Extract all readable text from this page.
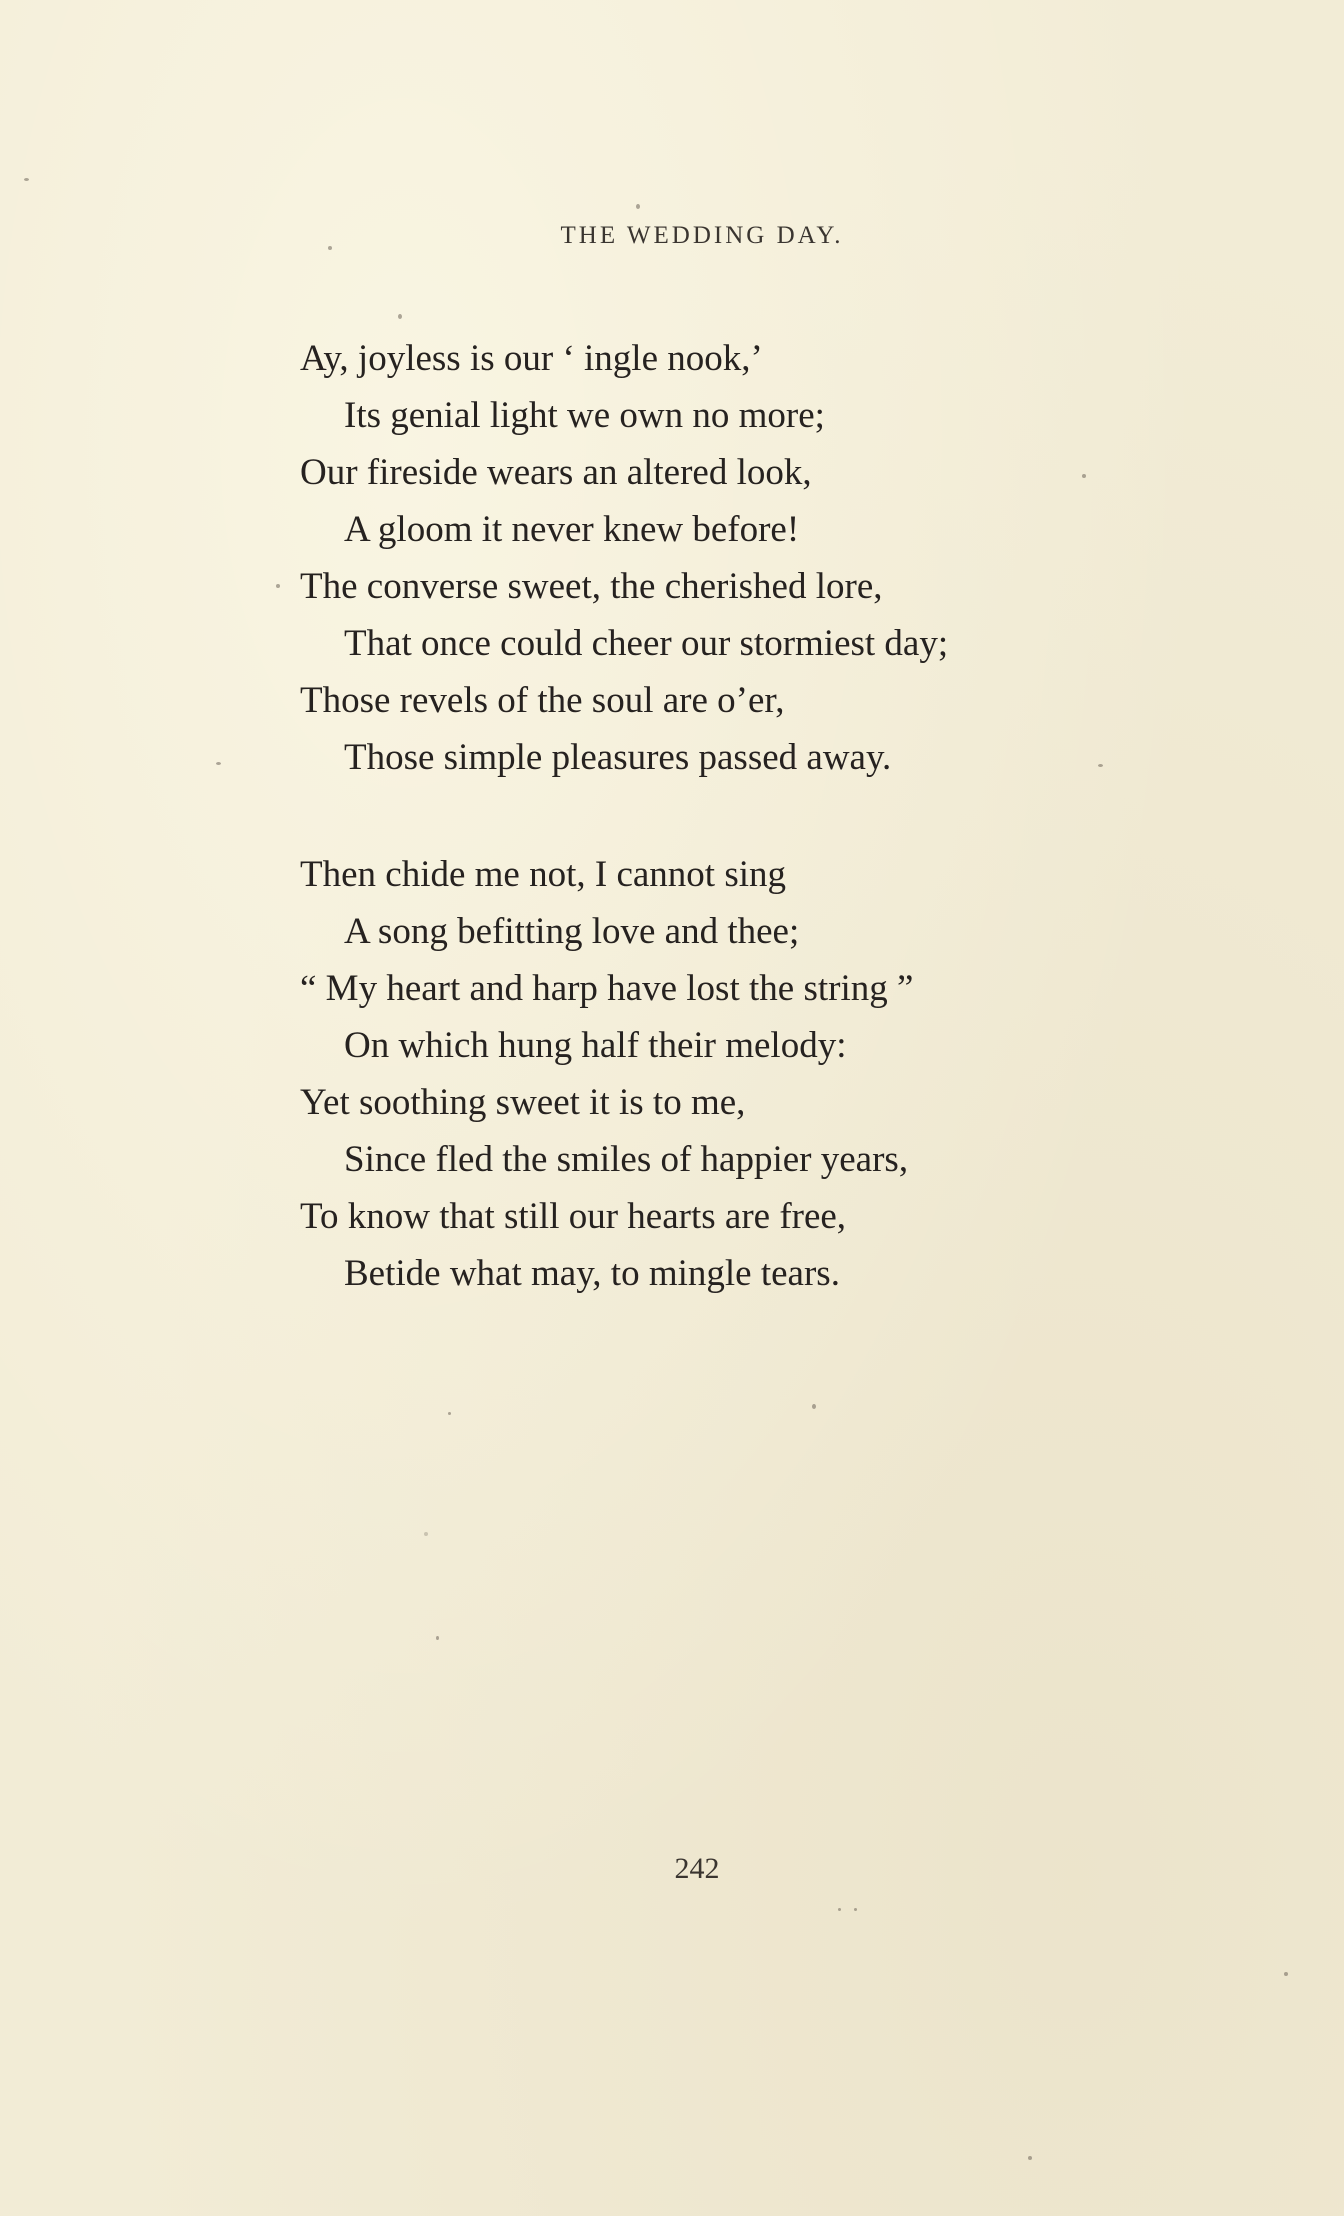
THE WEDDING DAY.
Ay, joyless is our ‘ ingle nook,’
Its genial light we own no more;
Our fireside wears an altered look,
A gloom it never knew before!
The converse sweet, the cherished lore,
That once could cheer our stormiest day;
Those revels of the soul are o’er,
Those simple pleasures passed away.
Then chide me not, I cannot sing
A song befitting love and thee;
“ My heart and harp have lost the string ”
On which hung half their melody:
Yet soothing sweet it is to me,
Since fled the smiles of happier years,
To know that still our hearts are free,
Betide what may, to mingle tears.
242
